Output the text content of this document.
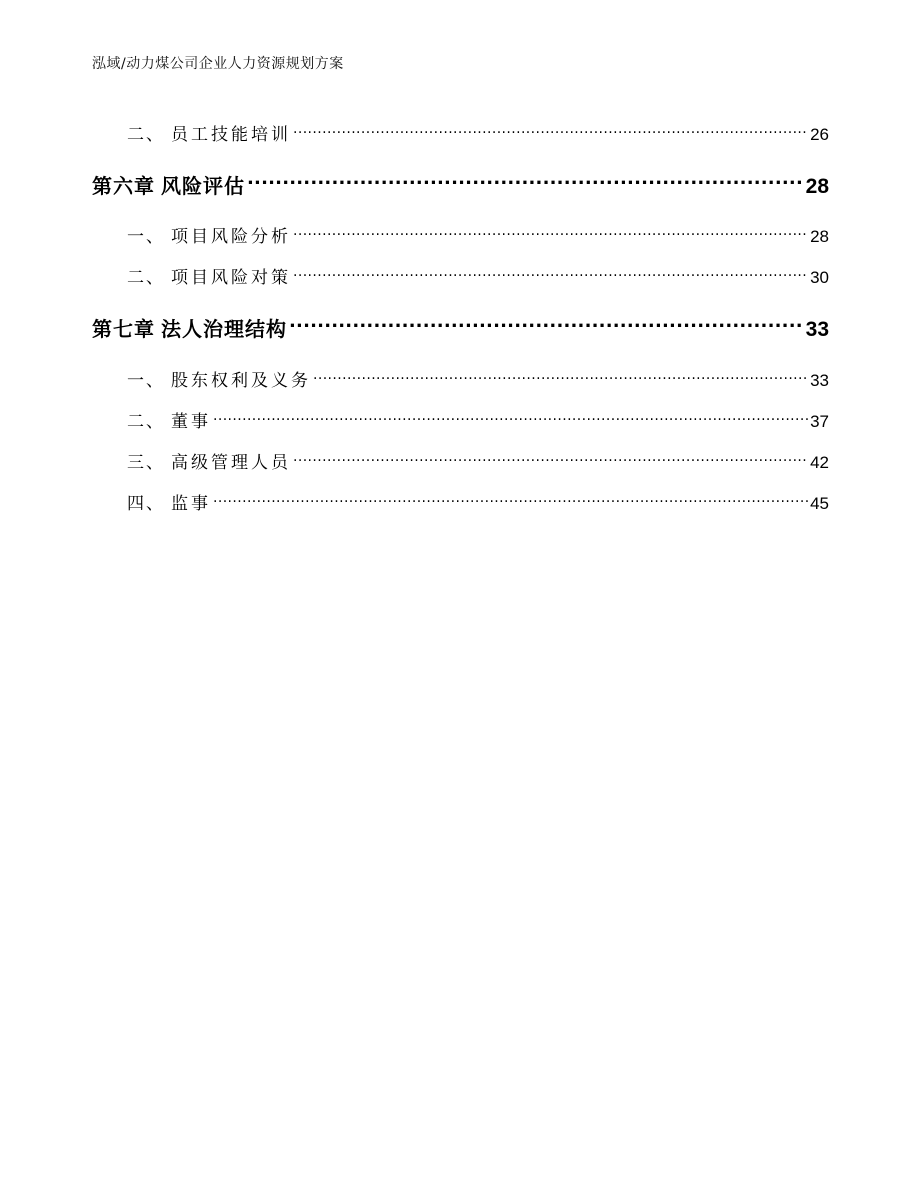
泓域/动力煤公司企业人力资源规划方案
二、 员工技能培训 .....	26
第六章 风险评估 .....	28
一、 项目风险分析 .....	28
二、 项目风险对策 .....	30
第七章 法人治理结构 .....	33
一、 股东权利及义务 .....	33
二、 董事 .....	37
三、 高级管理人员 .....	42
四、 监事 .....	45
